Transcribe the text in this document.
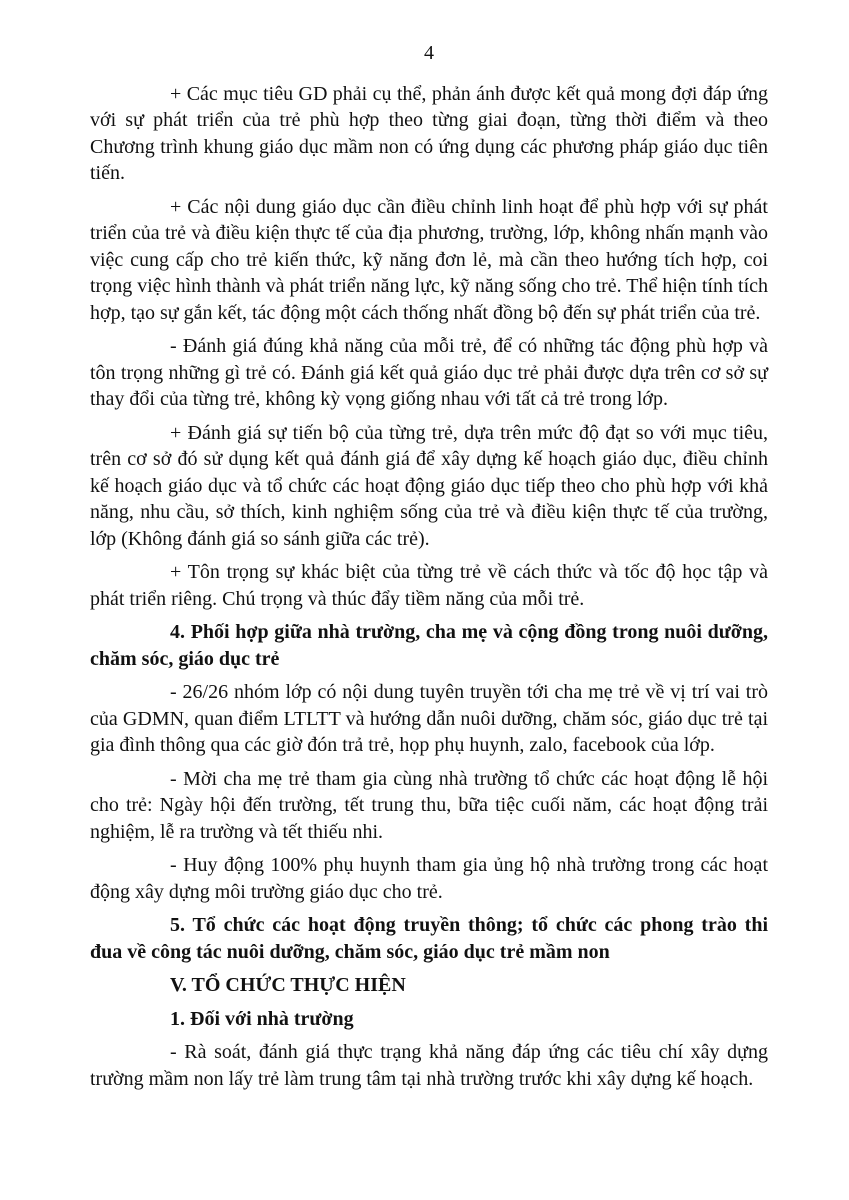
4

+ Các mục tiêu GD phải cụ thể, phản ánh được kết quả mong đợi đáp ứng với sự phát triển của trẻ phù hợp theo từng giai đoạn, từng thời điểm và theo Chương trình khung giáo dục mầm non có ứng dụng các phương pháp giáo dục tiên tiến.

+ Các nội dung giáo dục cần điều chỉnh linh hoạt để phù hợp với sự phát triển của trẻ và điều kiện thực tế của địa phương, trường, lớp, không nhấn mạnh vào việc cung cấp cho trẻ kiến thức, kỹ năng đơn lẻ, mà cần theo hướng tích hợp, coi trọng việc hình thành và phát triển năng lực, kỹ năng sống cho trẻ. Thể hiện tính tích hợp, tạo sự gắn kết, tác động một cách thống nhất đồng bộ đến sự phát triển của trẻ.

- Đánh giá đúng khả năng của mỗi trẻ, để có những tác động phù hợp và tôn trọng những gì trẻ có. Đánh giá kết quả giáo dục trẻ phải được dựa trên cơ sở sự thay đổi của từng trẻ, không kỳ vọng giống nhau với tất cả trẻ trong lớp.

+ Đánh giá sự tiến bộ của từng trẻ, dựa trên mức độ đạt so với mục tiêu, trên cơ sở đó sử dụng kết quả đánh giá để xây dựng kế hoạch giáo dục, điều chỉnh kế hoạch giáo dục và tổ chức các hoạt động giáo dục tiếp theo cho phù hợp với khả năng, nhu cầu, sở thích, kinh nghiệm sống của trẻ và điều kiện thực tế của trường, lớp (Không đánh giá so sánh giữa các trẻ).

+ Tôn trọng sự khác biệt của từng trẻ về cách thức và tốc độ học tập và phát triển riêng. Chú trọng và thúc đẩy tiềm năng của mỗi trẻ.

4. Phối hợp giữa nhà trường, cha mẹ và cộng đồng trong nuôi dưỡng, chăm sóc, giáo dục trẻ

- 26/26 nhóm lớp có nội dung tuyên truyền tới cha mẹ trẻ về vị trí vai trò của GDMN, quan điểm LTLTT và hướng dẫn nuôi dưỡng, chăm sóc, giáo dục trẻ tại gia đình thông qua các giờ đón trả trẻ, họp phụ huynh, zalo, facebook của lớp.

- Mời cha mẹ trẻ tham gia cùng nhà trường tổ chức các hoạt động lễ hội cho trẻ: Ngày hội đến trường, tết trung thu, bữa tiệc cuối năm, các hoạt động trải nghiệm, lễ ra trường và tết thiếu nhi.

- Huy động 100% phụ huynh tham gia ủng hộ nhà trường trong các hoạt động xây dựng môi trường giáo dục cho trẻ.

5. Tổ chức các hoạt động truyền thông; tổ chức các phong trào thi đua về công tác nuôi dưỡng, chăm sóc, giáo dục trẻ mầm non

V. TỔ CHỨC THỰC HIỆN

1. Đối với nhà trường

- Rà soát, đánh giá thực trạng khả năng đáp ứng các tiêu chí xây dựng trường mầm non lấy trẻ làm trung tâm tại nhà trường trước khi xây dựng kế hoạch.
